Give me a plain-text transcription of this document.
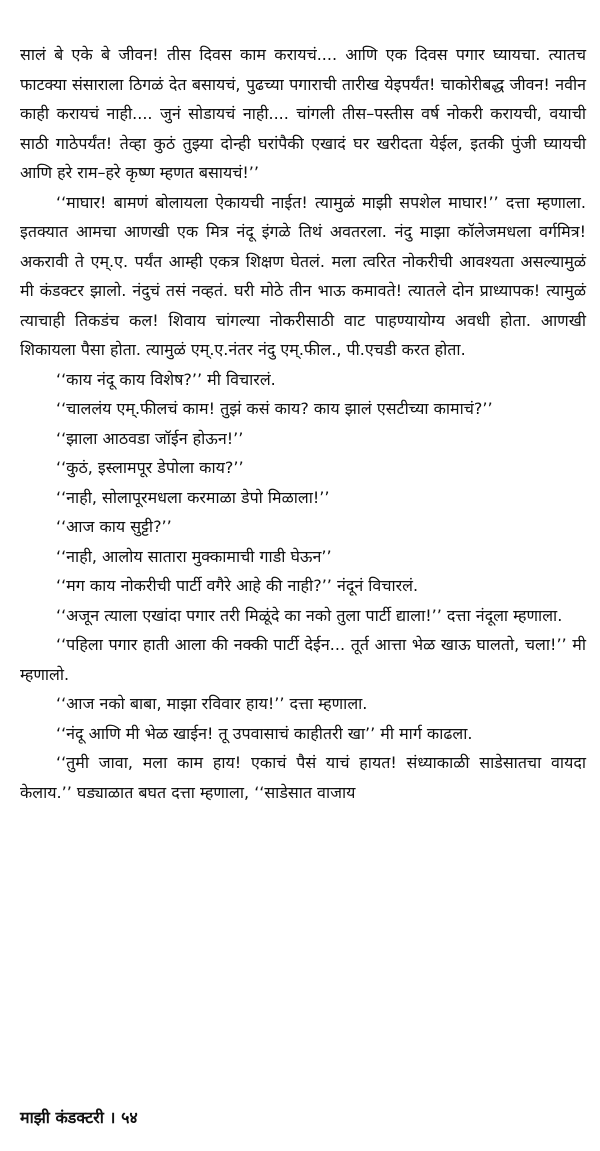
सालं बे एके बे जीवन! तीस दिवस काम करायचं.... आणि एक दिवस पगार घ्यायचा. त्यातच फाटक्या संसाराला ठिगळं देत बसायचं, पुढच्या पगाराची तारीख येइपर्यंत! चाकोरीबद्ध जीवन! नवीन काही करायचं नाही.... जुनं सोडायचं नाही.... चांगली तीस–पस्तीस वर्ष नोकरी करायची, वयाची साठी गाठेपर्यंत! तेव्हा कुठं तुझ्या दोन्ही घरांपैकी एखादं घर खरीदता येईल, इतकी पुंजी घ्यायची आणि हरे राम–हरे कृष्ण म्हणत बसायचं!’’

‘‘माघार! बामणं बोलायला ऐकायची नाईत! त्यामुळं माझी सपशेल माघार!’’ दत्ता म्हणाला. इतक्यात आमचा आणखी एक मित्र नंदू इंगळे तिथं अवतरला. नंदु माझा कॉलेजमधला वर्गमित्र! अकरावी ते एम्.ए. पर्यंत आम्ही एकत्र शिक्षण घेतलं. मला त्वरित नोकरीची आवश्यता असल्यामुळं मी कंडक्टर झालो. नंदुचं तसं नव्हतं. घरी मोठे तीन भाऊ कमावते! त्यातले दोन प्राध्यापक! त्यामुळं त्याचाही तिकडंच कल! शिवाय चांगल्या नोकरीसाठी वाट पाहण्यायोग्य अवधी होता. आणखी शिकायला पैसा होता. त्यामुळं एम्.ए.नंतर नंदु एम्.फील., पी.एचडी करत होता.

‘‘काय नंदू काय विशेष?’’ मी विचारलं.

‘‘चाललंय एम्.फीलचं काम! तुझं कसं काय? काय झालं एसटीच्या कामाचं?’’

‘‘झाला आठवडा जॉईन होऊन!’’

‘‘कुठं, इस्लामपूर डेपोला काय?’’

‘‘नाही, सोलापूरमधला करमाळा डेपो मिळाला!’’

‘‘आज काय सुट्टी?’’

‘‘नाही, आलोय सातारा मुक्कामाची गाडी घेऊन’’

‘‘मग काय नोकरीची पार्टी वगैरे आहे की नाही?’’ नंदूनं विचारलं.

‘‘अजून त्याला एखांदा पगार तरी मिळूंदे का नको तुला पार्टी द्याला!’’ दत्ता नंदूला म्हणाला.

‘‘पहिला पगार हाती आला की नक्की पार्टी देईन... तूर्त आत्ता भेळ खाऊ घालतो, चला!’’ मी म्हणालो.

‘‘आज नको बाबा, माझा रविवार हाय!’’ दत्ता म्हणाला.

‘‘नंदू आणि मी भेळ खाईन! तू उपवासाचं काहीतरी खा’’ मी मार्ग काढला.

‘‘तुमी जावा, मला काम हाय! एकाचं पैसं याचं हायत! संध्याकाळी साडेसातचा वायदा केलाय.’’ घड्याळात बघत दत्ता म्हणाला, ‘‘साडेसात वाजाय

माझी कंडक्टरी । ५४
